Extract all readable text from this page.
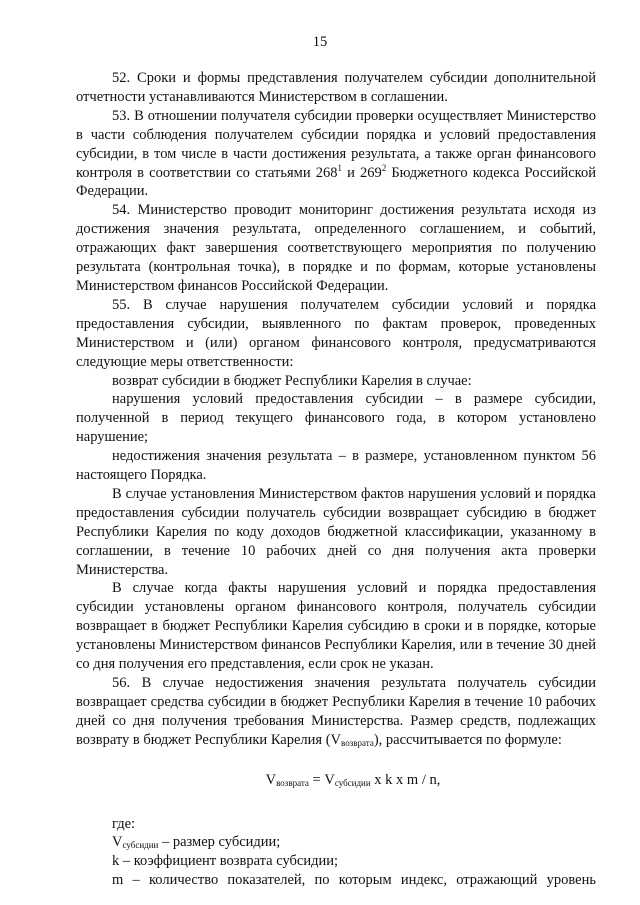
15

52. Сроки и формы представления получателем субсидии дополнительной отчетности устанавливаются Министерством в соглашении.

53. В отношении получателя субсидии проверки осуществляет Министерство в части соблюдения получателем субсидии порядка и условий предоставления субсидии, в том числе в части достижения результата, а также орган финансового контроля в соответствии со статьями $268^1$ и $269^2$ Бюджетного кодекса Российской Федерации.

54. Министерство проводит мониторинг достижения результата исходя из достижения значения результата, определенного соглашением, и событий, отражающих факт завершения соответствующего мероприятия по получению результата (контрольная точка), в порядке и по формам, которые установлены Министерством финансов Российской Федерации.

55. В случае нарушения получателем субсидии условий и порядка предоставления субсидии, выявленного по фактам проверок, проведенных Министерством и (или) органом финансового контроля, предусматриваются следующие меры ответственности:

возврат субсидии в бюджет Республики Карелия в случае:

нарушения условий предоставления субсидии – в размере субсидии, полученной в период текущего финансового года, в котором установлено нарушение;

недостижения значения результата – в размере, установленном пунктом 56 настоящего Порядка.

В случае установления Министерством фактов нарушения условий и порядка предоставления субсидии получатель субсидии возвращает субсидию в бюджет Республики Карелия по коду доходов бюджетной классификации, указанному в соглашении, в течение 10 рабочих дней со дня получения акта проверки Министерства.

В случае когда факты нарушения условий и порядка предоставления субсидии установлены органом финансового контроля, получатель субсидии возвращает в бюджет Республики Карелия субсидию в сроки и в порядке, которые установлены Министерством финансов Республики Карелия, или в течение 30 дней со дня получения его представления, если срок не указан.

56. В случае недостижения значения результата получатель субсидии возвращает средства субсидии в бюджет Республики Карелия в течение 10 рабочих дней со дня получения требования Министерства. Размер средств, подлежащих возврату в бюджет Республики Карелия $(V_{возврата})$, рассчитывается по формуле:

$V_{возврата} = V_{субсидии}$ x k x m / n,

где:

$V_{субсидии}$ – размер субсидии;

k – коэффициент возврата субсидии;

m – количество показателей, по которым индекс, отражающий уровень
